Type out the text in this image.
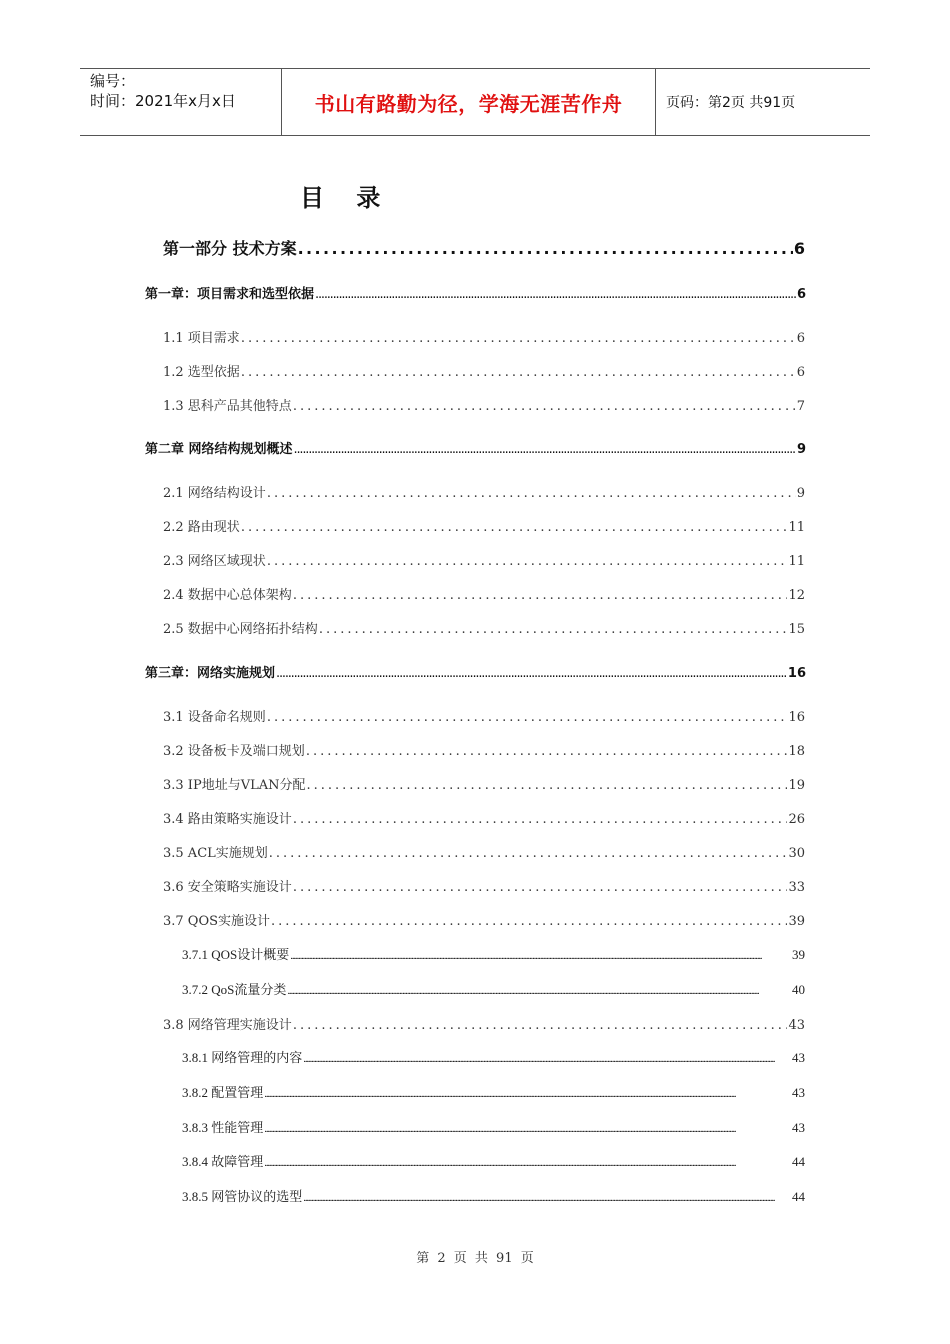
编号：
时间：2021年x月x日	书山有路勤为径，学海无涯苦作舟	页码：第2页 共91页
目 录
第一部分 技术方案 .....	6
第一章：项目需求和选型依据 .....	6
1.1 项目需求 .....	6
1.2 选型依据 .....	6
1.3 思科产品其他特点 .....	7
第二章 网络结构规划概述 .....	9
2.1 网络结构设计 .....	9
2.2 路由现状 .....	11
2.3 网络区域现状 .....	11
2.4 数据中心总体架构 .....	12
2.5 数据中心网络拓扑结构 .....	15
第三章：网络实施规划 .....	16
3.1 设备命名规则 .....	16
3.2 设备板卡及端口规划 .....	18
3.3 IP地址与VLAN分配 .....	19
3.4 路由策略实施设计 .....	26
3.5 ACL实施规划 .....	30
3.6 安全策略实施设计 .....	33
3.7 QOS实施设计 .....	39
3.7.1 QOS设计概要 .....	39
3.7.2 QoS流量分类 .....	40
3.8 网络管理实施设计 .....	43
3.8.1 网络管理的内容 .....	43
3.8.2 配置管理 .....	43
3.8.3 性能管理 .....	43
3.8.4 故障管理 .....	44
3.8.5 网管协议的选型 .....	44
第 2 页 共 91 页
